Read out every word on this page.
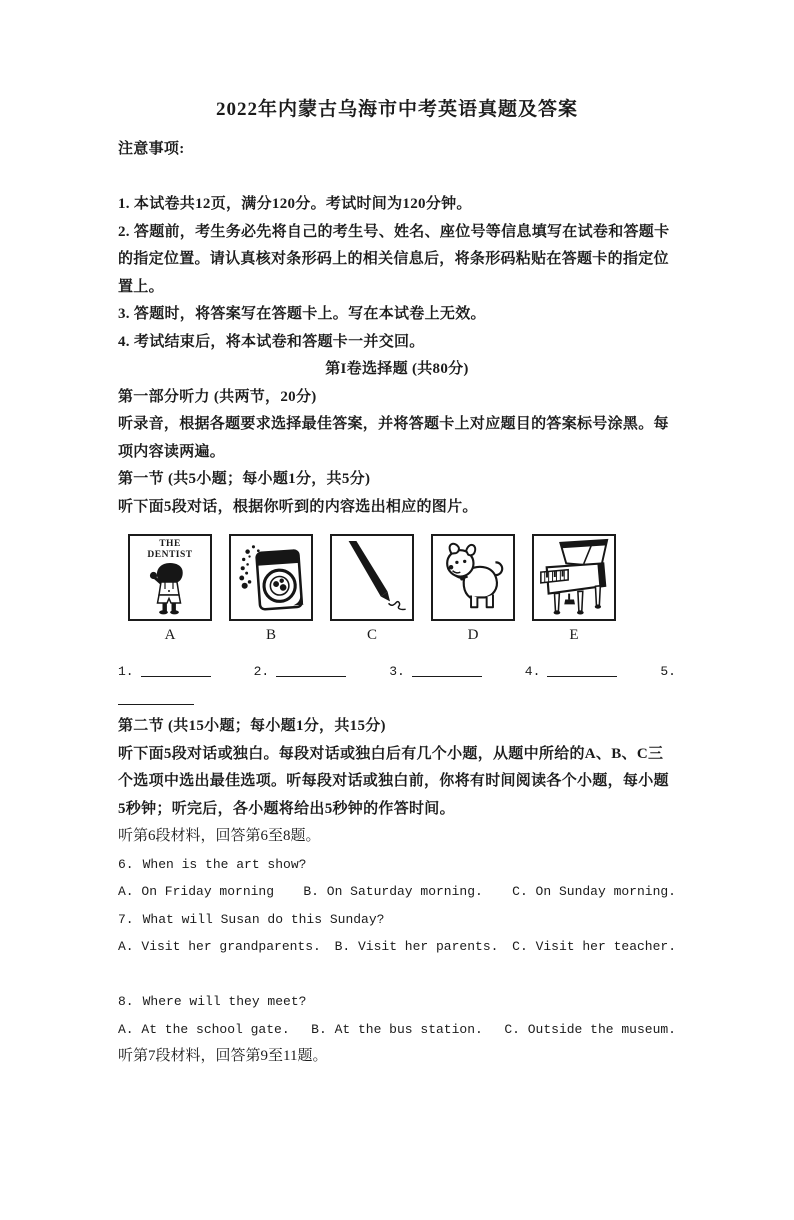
2022年内蒙古乌海市中考英语真题及答案

注意事项:

1. 本试卷共12页，满分120分。考试时间为120分钟。

2. 答题前，考生务必先将自己的考生号、姓名、座位号等信息填写在试卷和答题卡的指定位置。请认真核对条形码上的相关信息后，将条形码粘贴在答题卡的指定位置上。

3. 答题时，将答案写在答题卡上。写在本试卷上无效。

4. 考试结束后，将本试卷和答题卡一并交回。

第I卷选择题 (共80分)

第一部分听力 (共两节，20分)

听录音，根据各题要求选择最佳答案，并将答题卡上对应题目的答案标号涂黑。每项内容读两遍。

第一节 (共5小题；每小题1分，共5分)

听下面5段对话，根据你听到的内容选出相应的图片。

THE DENTIST
A	B	C	D	E
1.	2.	3.	4.	5.

第二节 (共15小题；每小题1分，共15分)

听下面5段对话或独白。每段对话或独白后有几个小题，从题中所给的A、B、C三个选项中选出最佳选项。听每段对话或独白前，你将有时间阅读各个小题，每小题5秒钟；听完后，各小题将给出5秒钟的作答时间。

听第6段材料，回答第6至8题。

6. When is the art show?

A. On Friday morning B. On Saturday morning. C. On Sunday morning.

7. What will Susan do this Sunday?

A. Visit her grandparents. B. Visit her parents. C. Visit her teacher.

8. Where will they meet?

A. At the school gate. B. At the bus station. C. Outside the museum.

听第7段材料，回答第9至11题。
